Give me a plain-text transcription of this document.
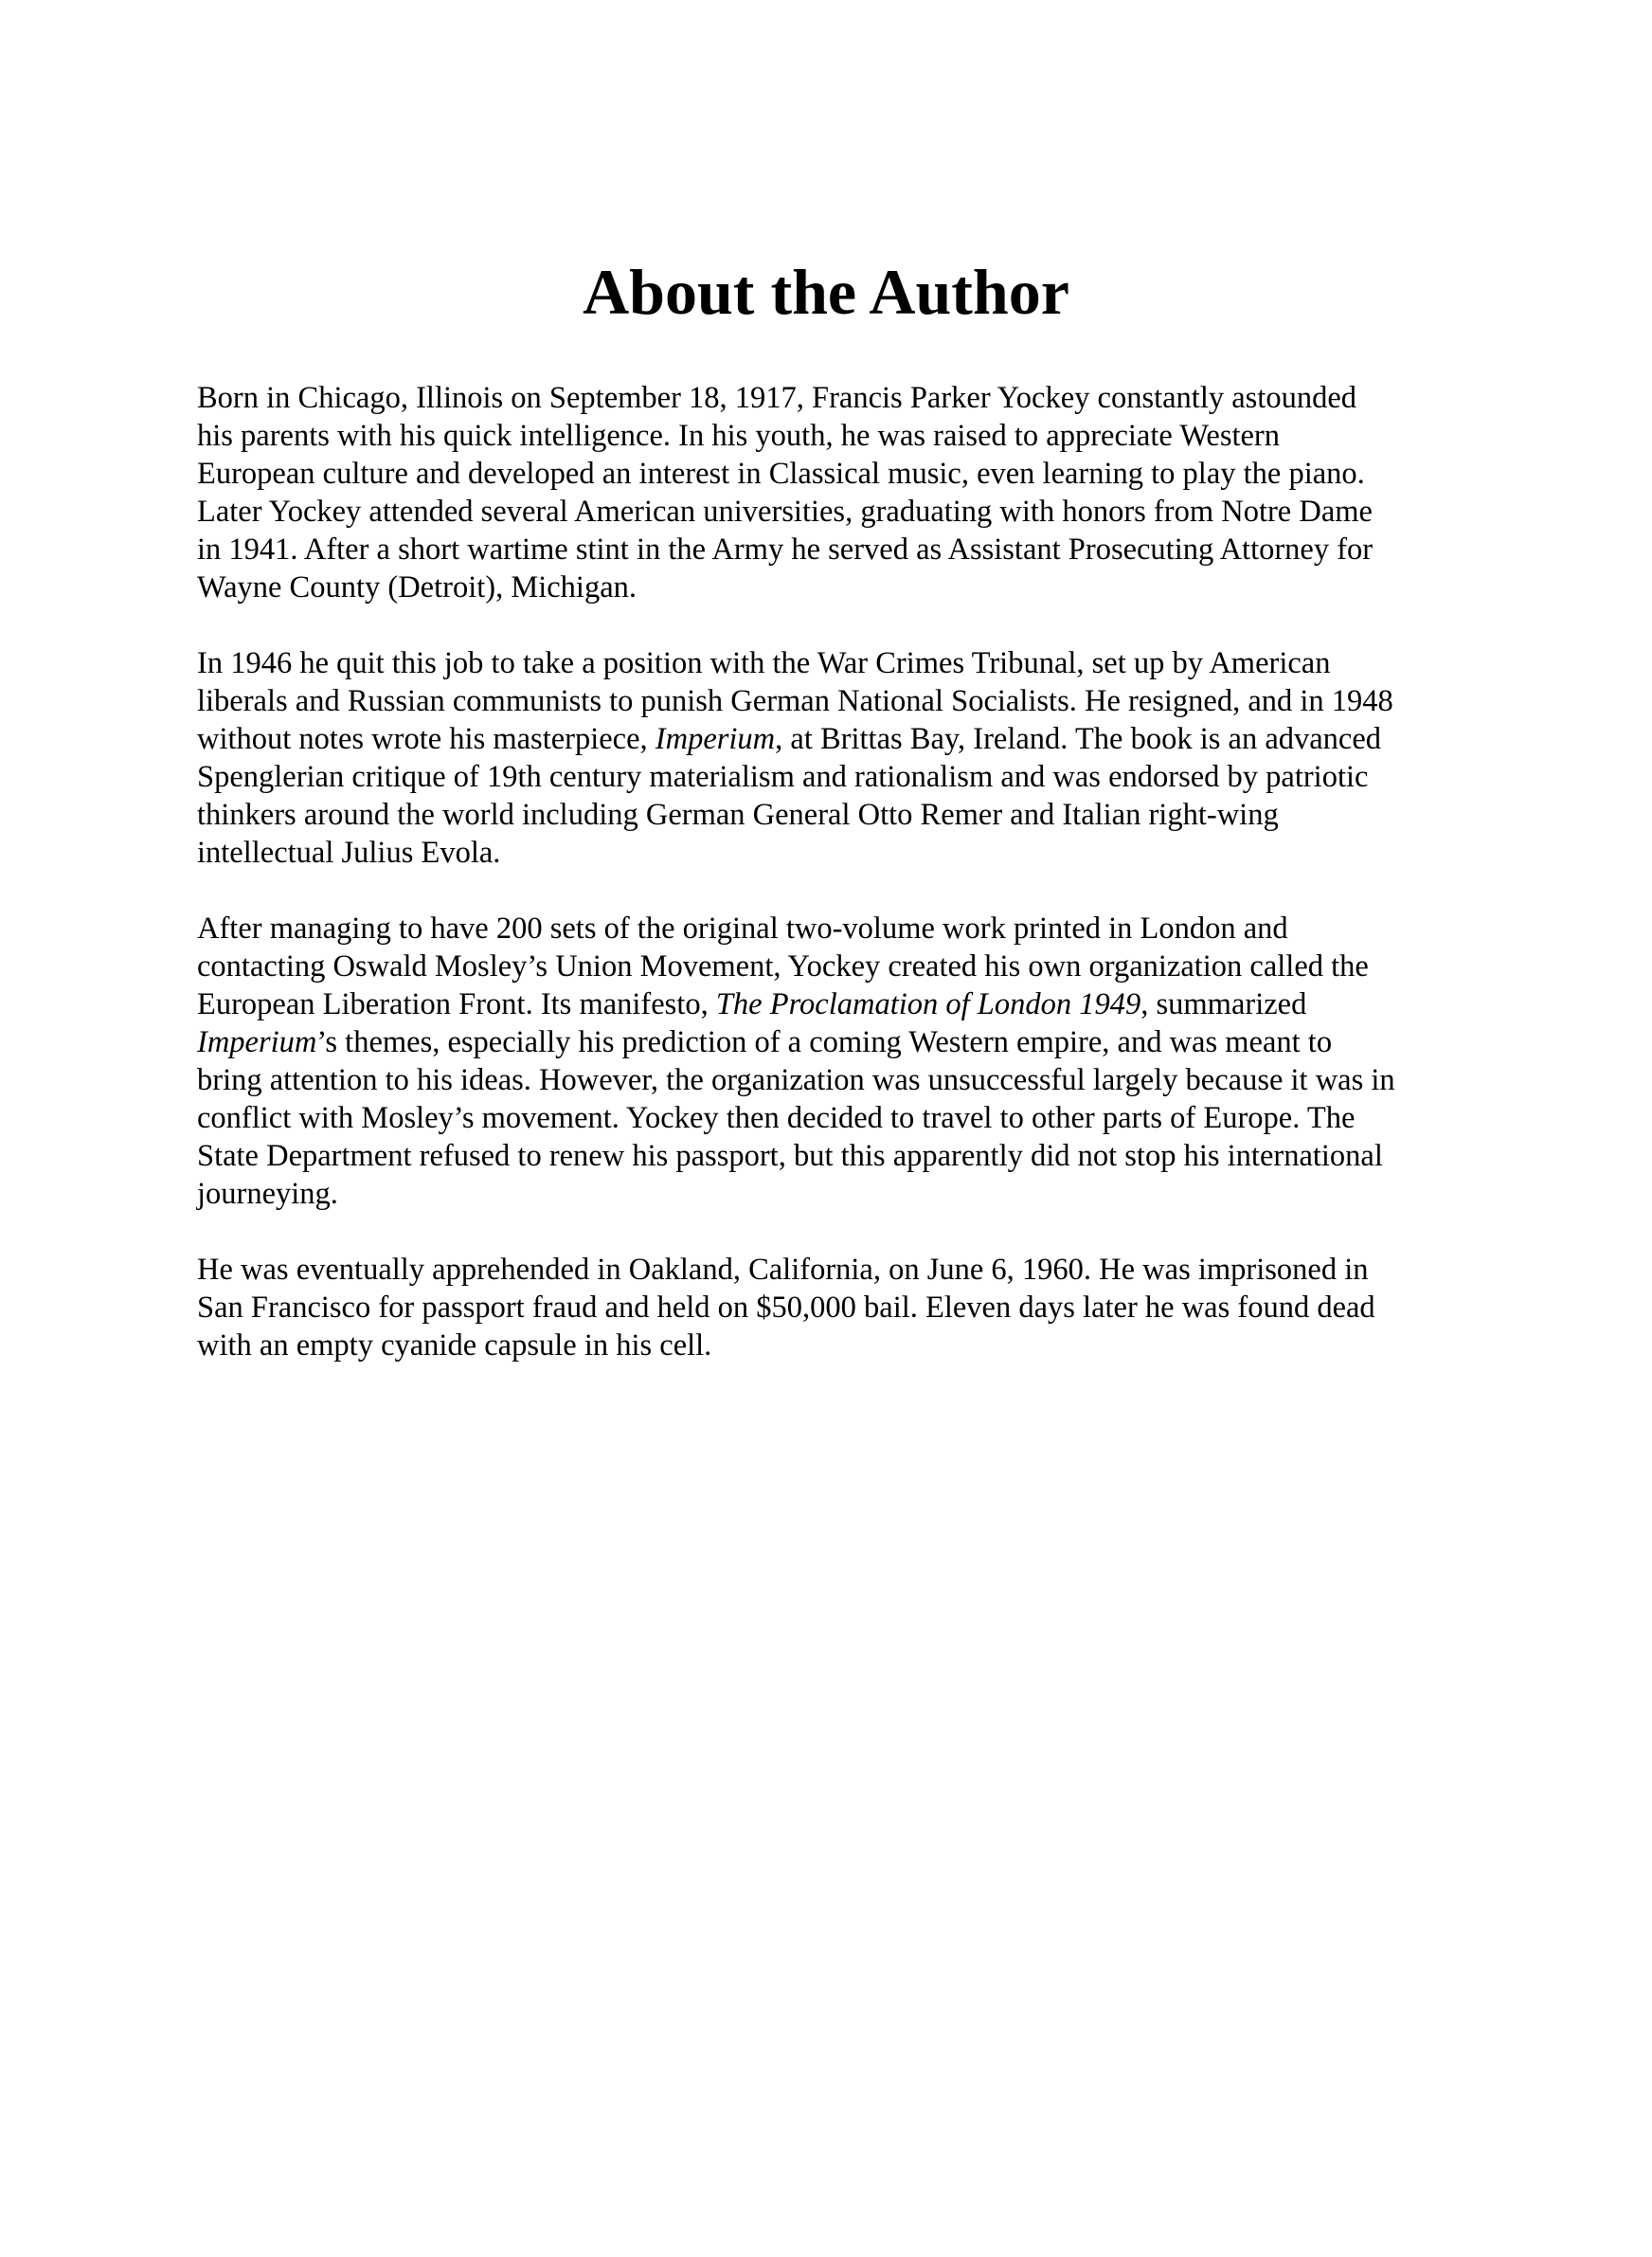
About the Author

Born in Chicago, Illinois on September 18, 1917, Francis Parker Yockey constantly astounded
his parents with his quick intelligence. In his youth, he was raised to appreciate Western
European culture and developed an interest in Classical music, even learning to play the piano.
Later Yockey attended several American universities, graduating with honors from Notre Dame
in 1941. After a short wartime stint in the Army he served as Assistant Prosecuting Attorney for
Wayne County (Detroit), Michigan.

In 1946 he quit this job to take a position with the War Crimes Tribunal, set up by American
liberals and Russian communists to punish German National Socialists. He resigned, and in 1948
without notes wrote his masterpiece, Imperium, at Brittas Bay, Ireland. The book is an advanced
Spenglerian critique of 19th century materialism and rationalism and was endorsed by patriotic
thinkers around the world including German General Otto Remer and Italian right-wing
intellectual Julius Evola.

After managing to have 200 sets of the original two-volume work printed in London and
contacting Oswald Mosley’s Union Movement, Yockey created his own organization called the
European Liberation Front. Its manifesto, The Proclamation of London 1949, summarized
Imperium’s themes, especially his prediction of a coming Western empire, and was meant to
bring attention to his ideas. However, the organization was unsuccessful largely because it was in
conflict with Mosley’s movement. Yockey then decided to travel to other parts of Europe. The
State Department refused to renew his passport, but this apparently did not stop his international
journeying.

He was eventually apprehended in Oakland, California, on June 6, 1960. He was imprisoned in
San Francisco for passport fraud and held on $50,000 bail. Eleven days later he was found dead
with an empty cyanide capsule in his cell.
